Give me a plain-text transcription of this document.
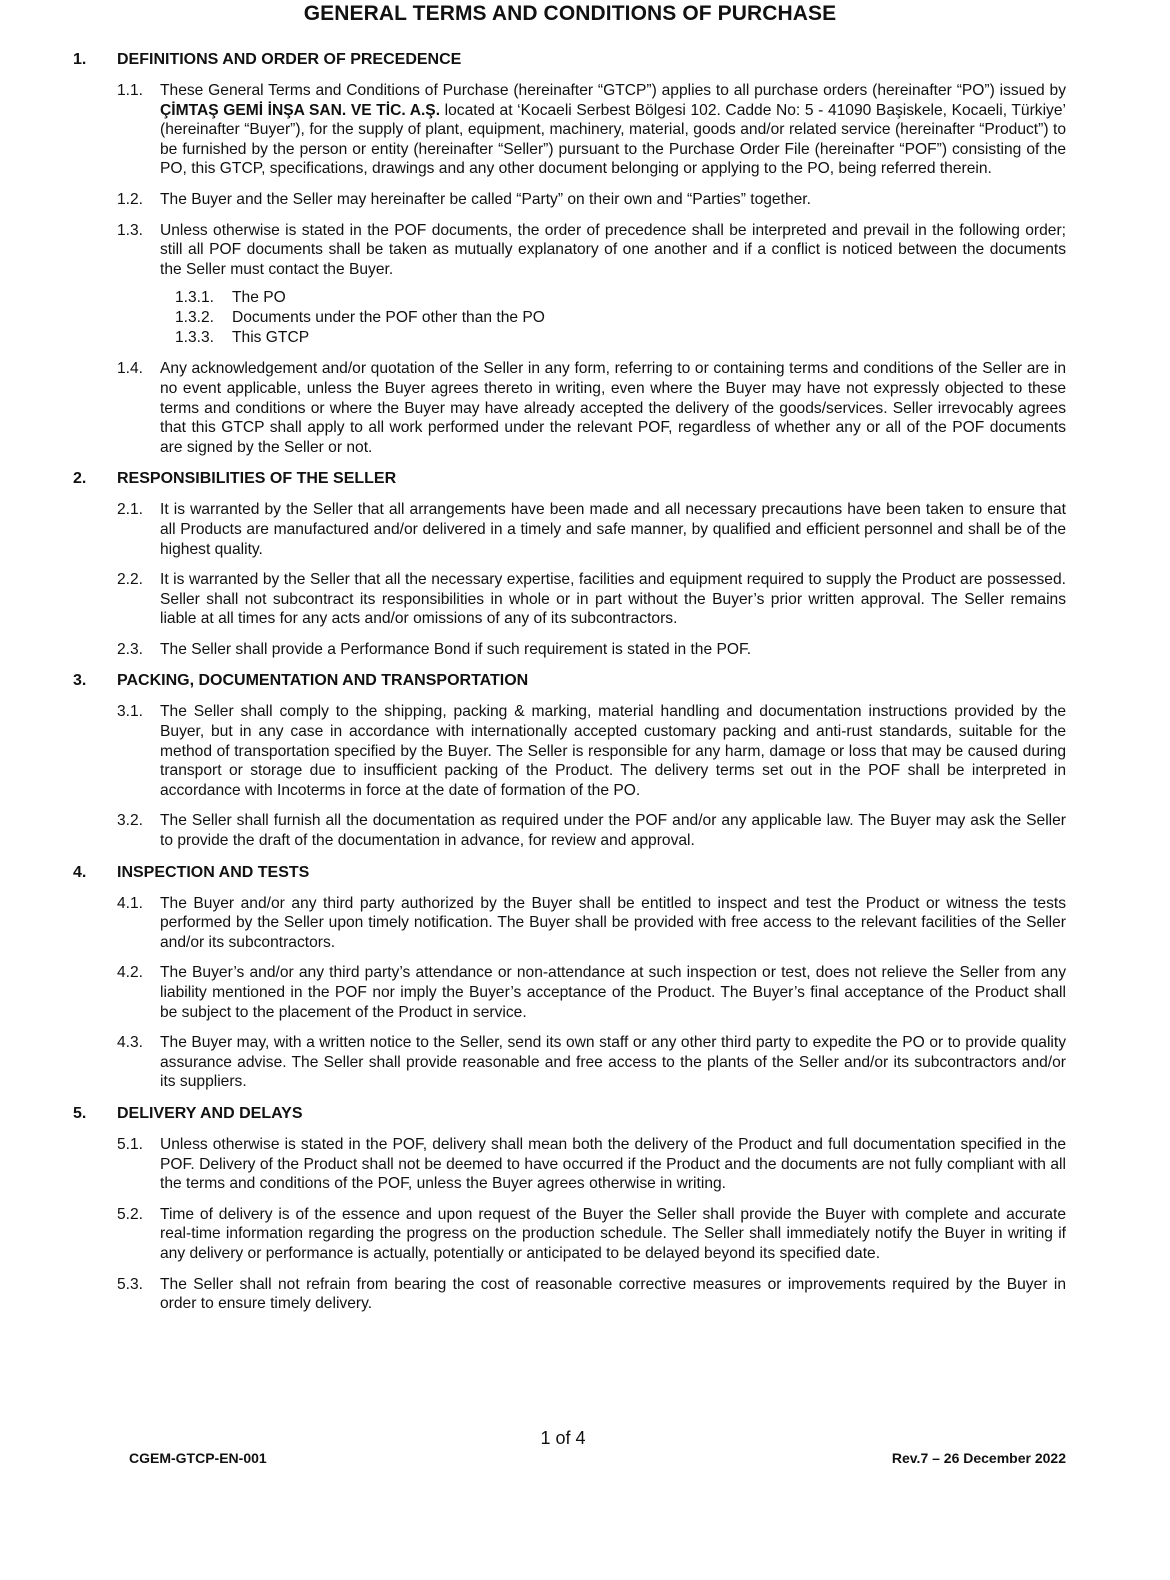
GENERAL TERMS AND CONDITIONS OF PURCHASE
1. DEFINITIONS AND ORDER OF PRECEDENCE
1.1. These General Terms and Conditions of Purchase (hereinafter “GTCP”) applies to all purchase orders (hereinafter “PO”) issued by ÇİMTAŞ GEMİ İNŞA SAN. VE TİC. A.Ş. located at ‘Kocaeli Serbest Bölgesi 102. Cadde No: 5 - 41090 Başiskele, Kocaeli, Türkiye’ (hereinafter “Buyer”), for the supply of plant, equipment, machinery, material, goods and/or related service (hereinafter “Product”) to be furnished by the person or entity (hereinafter “Seller”) pursuant to the Purchase Order File (hereinafter “POF”) consisting of the PO, this GTCP, specifications, drawings and any other document belonging or applying to the PO, being referred therein.
1.2. The Buyer and the Seller may hereinafter be called “Party” on their own and “Parties” together.
1.3. Unless otherwise is stated in the POF documents, the order of precedence shall be interpreted and prevail in the following order; still all POF documents shall be taken as mutually explanatory of one another and if a conflict is noticed between the documents the Seller must contact the Buyer.
1.3.1. The PO
1.3.2. Documents under the POF other than the PO
1.3.3. This GTCP
1.4. Any acknowledgement and/or quotation of the Seller in any form, referring to or containing terms and conditions of the Seller are in no event applicable, unless the Buyer agrees thereto in writing, even where the Buyer may have not expressly objected to these terms and conditions or where the Buyer may have already accepted the delivery of the goods/services. Seller irrevocably agrees that this GTCP shall apply to all work performed under the relevant POF, regardless of whether any or all of the POF documents are signed by the Seller or not.
2. RESPONSIBILITIES OF THE SELLER
2.1. It is warranted by the Seller that all arrangements have been made and all necessary precautions have been taken to ensure that all Products are manufactured and/or delivered in a timely and safe manner, by qualified and efficient personnel and shall be of the highest quality.
2.2. It is warranted by the Seller that all the necessary expertise, facilities and equipment required to supply the Product are possessed. Seller shall not subcontract its responsibilities in whole or in part without the Buyer’s prior written approval. The Seller remains liable at all times for any acts and/or omissions of any of its subcontractors.
2.3. The Seller shall provide a Performance Bond if such requirement is stated in the POF.
3. PACKING, DOCUMENTATION AND TRANSPORTATION
3.1. The Seller shall comply to the shipping, packing & marking, material handling and documentation instructions provided by the Buyer, but in any case in accordance with internationally accepted customary packing and anti-rust standards, suitable for the method of transportation specified by the Buyer. The Seller is responsible for any harm, damage or loss that may be caused during transport or storage due to insufficient packing of the Product. The delivery terms set out in the POF shall be interpreted in accordance with Incoterms in force at the date of formation of the PO.
3.2. The Seller shall furnish all the documentation as required under the POF and/or any applicable law. The Buyer may ask the Seller to provide the draft of the documentation in advance, for review and approval.
4. INSPECTION AND TESTS
4.1. The Buyer and/or any third party authorized by the Buyer shall be entitled to inspect and test the Product or witness the tests performed by the Seller upon timely notification. The Buyer shall be provided with free access to the relevant facilities of the Seller and/or its subcontractors.
4.2. The Buyer’s and/or any third party’s attendance or non-attendance at such inspection or test, does not relieve the Seller from any liability mentioned in the POF nor imply the Buyer’s acceptance of the Product. The Buyer’s final acceptance of the Product shall be subject to the placement of the Product in service.
4.3. The Buyer may, with a written notice to the Seller, send its own staff or any other third party to expedite the PO or to provide quality assurance advise. The Seller shall provide reasonable and free access to the plants of the Seller and/or its subcontractors and/or its suppliers.
5. DELIVERY AND DELAYS
5.1. Unless otherwise is stated in the POF, delivery shall mean both the delivery of the Product and full documentation specified in the POF. Delivery of the Product shall not be deemed to have occurred if the Product and the documents are not fully compliant with all the terms and conditions of the POF, unless the Buyer agrees otherwise in writing.
5.2. Time of delivery is of the essence and upon request of the Buyer the Seller shall provide the Buyer with complete and accurate real-time information regarding the progress on the production schedule. The Seller shall immediately notify the Buyer in writing if any delivery or performance is actually, potentially or anticipated to be delayed beyond its specified date.
5.3. The Seller shall not refrain from bearing the cost of reasonable corrective measures or improvements required by the Buyer in order to ensure timely delivery.
1 of 4
CGEM-GTCP-EN-001	Rev.7 – 26 December 2022
